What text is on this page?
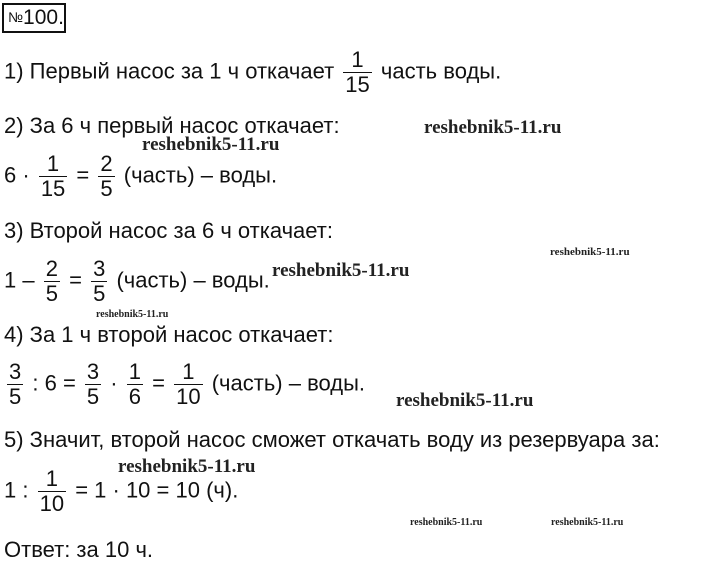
№100.
1) Первый насос за 1 ч откачает $\frac{1}{15}$ часть воды.
2) За 6 ч первый насос откачает:
$6 \cdot \frac{1}{15} = \frac{2}{5}$ (часть) – воды.
3) Второй насос за 6 ч откачает:
$1 - \frac{2}{5} = \frac{3}{5}$ (часть) – воды.
4) За 1 ч второй насос откачает:
$\frac{3}{5}$ : $6 = \frac{3}{5} \cdot \frac{1}{6} = \frac{1}{10}$ (часть) – воды.
5) Значит, второй насос сможет откачать воду из резервуара за:
1 : $\frac{1}{10} = 1 \cdot 10 = 10$ (ч).
Ответ: за 10 ч.
reshebnik5-11.ru
reshebnik5-11.ru
reshebnik5-11.ru
reshebnik5-11.ru
reshebnik5-11.ru
reshebnik5-11.ru
reshebnik5-11.ru
reshebnik5-11.ru	reshebnik5-11.ru
